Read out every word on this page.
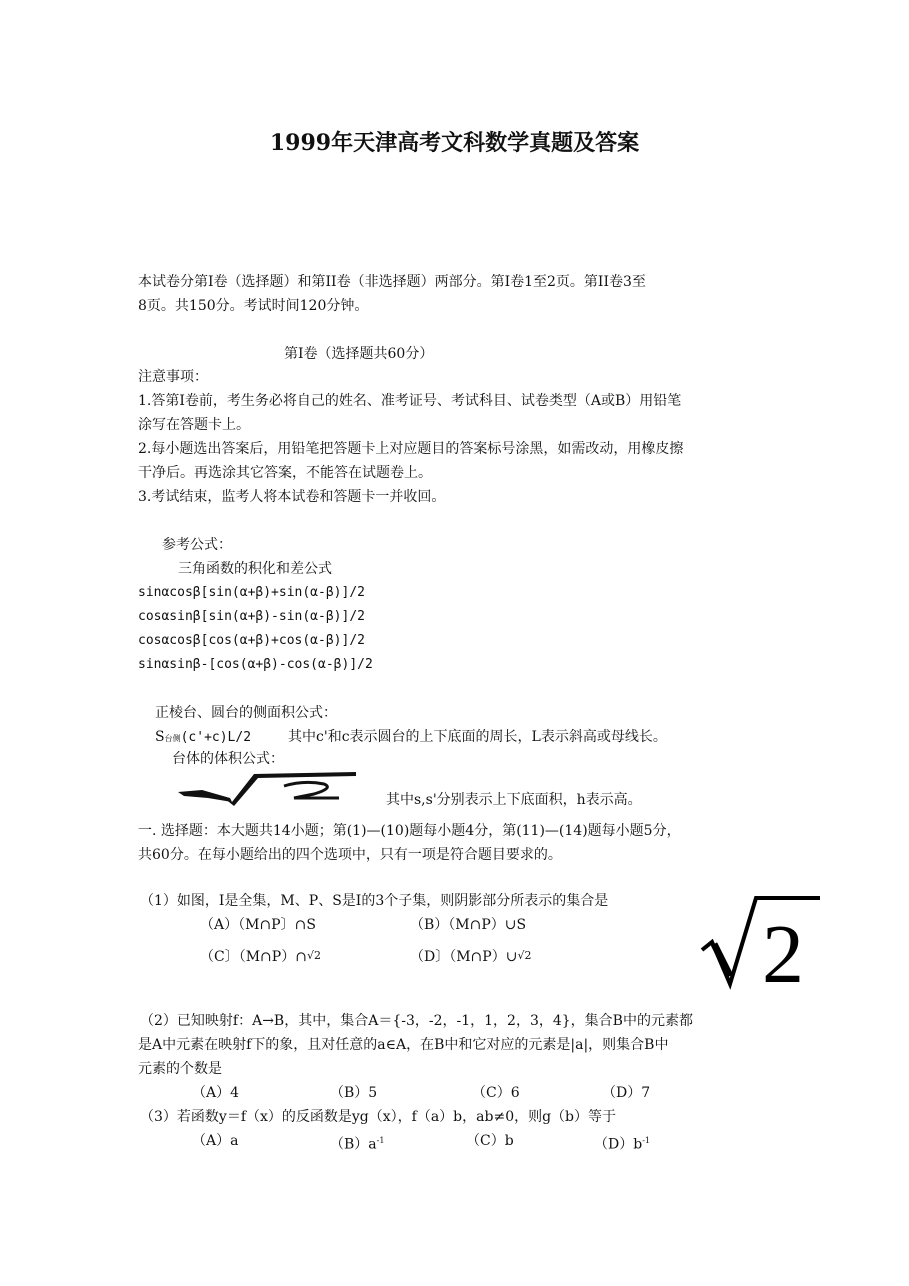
1999年天津高考文科数学真题及答案
本试卷分第Ⅰ卷（选择题）和第II卷（非选择题）两部分。第Ⅰ卷1至2页。第II卷3至
8页。共150分。考试时间120分钟。
第Ⅰ卷（选择题共60分）
注意事项：
1.答第Ⅰ卷前，考生务必将自己的姓名、准考证号、考试科目、试卷类型（A或B）用铅笔
涂写在答题卡上。
2.每小题选出答案后，用铅笔把答题卡上对应题目的答案标号涂黑，如需改动，用橡皮擦
干净后。再选涂其它答案，不能答在试题卷上。
3.考试结束，监考人将本试卷和答题卡一并收回。
参考公式：
三角函数的积化和差公式
sinαcosβ[sin(α+β)+sin(α-β)]/2
cosαsinβ[sin(α+β)-sin(α-β)]/2
cosαcosβ[cos(α+β)+cos(α-β)]/2
sinαsinβ-[cos(α+β)-cos(α-β)]/2
正棱台、圆台的侧面积公式：
S台侧(c'+c)L/2	其中c'和c表示圆台的上下底面的周长，L表示斜高或母线长。
台体的体积公式：
其中s,s'分别表示上下底面积，h表示高。
一. 选择题：本大题共14小题；第(1)—(10)题每小题4分，第(11)—(14)题每小题5分，
共60分。在每小题给出的四个选项中，只有一项是符合题目要求的。
（1）如图，I是全集，M、P、S是I的3个子集，则阴影部分所表示的集合是
（A）（M∩P〕∩S	（B）（M∩P）∪S
（C〕（M∩P）∩√2	（D〕（M∩P）∪√2	2
（2）已知映射f：A→B，其中，集合A＝{-3，-2，-1，1，2，3，4}，集合B中的元素都
是A中元素在映射f下的象，且对任意的a∈A，在B中和它对应的元素是|a|，则集合B中
元素的个数是
（A）4	（B）5	（C）6	（D）7
（3）若函数y＝f（x）的反函数是yg（x），f（a）b，ab≠0，则g（b）等于
（A）a	$(B)a^{-1}$	（C）b	$(D)b^{-1}$
